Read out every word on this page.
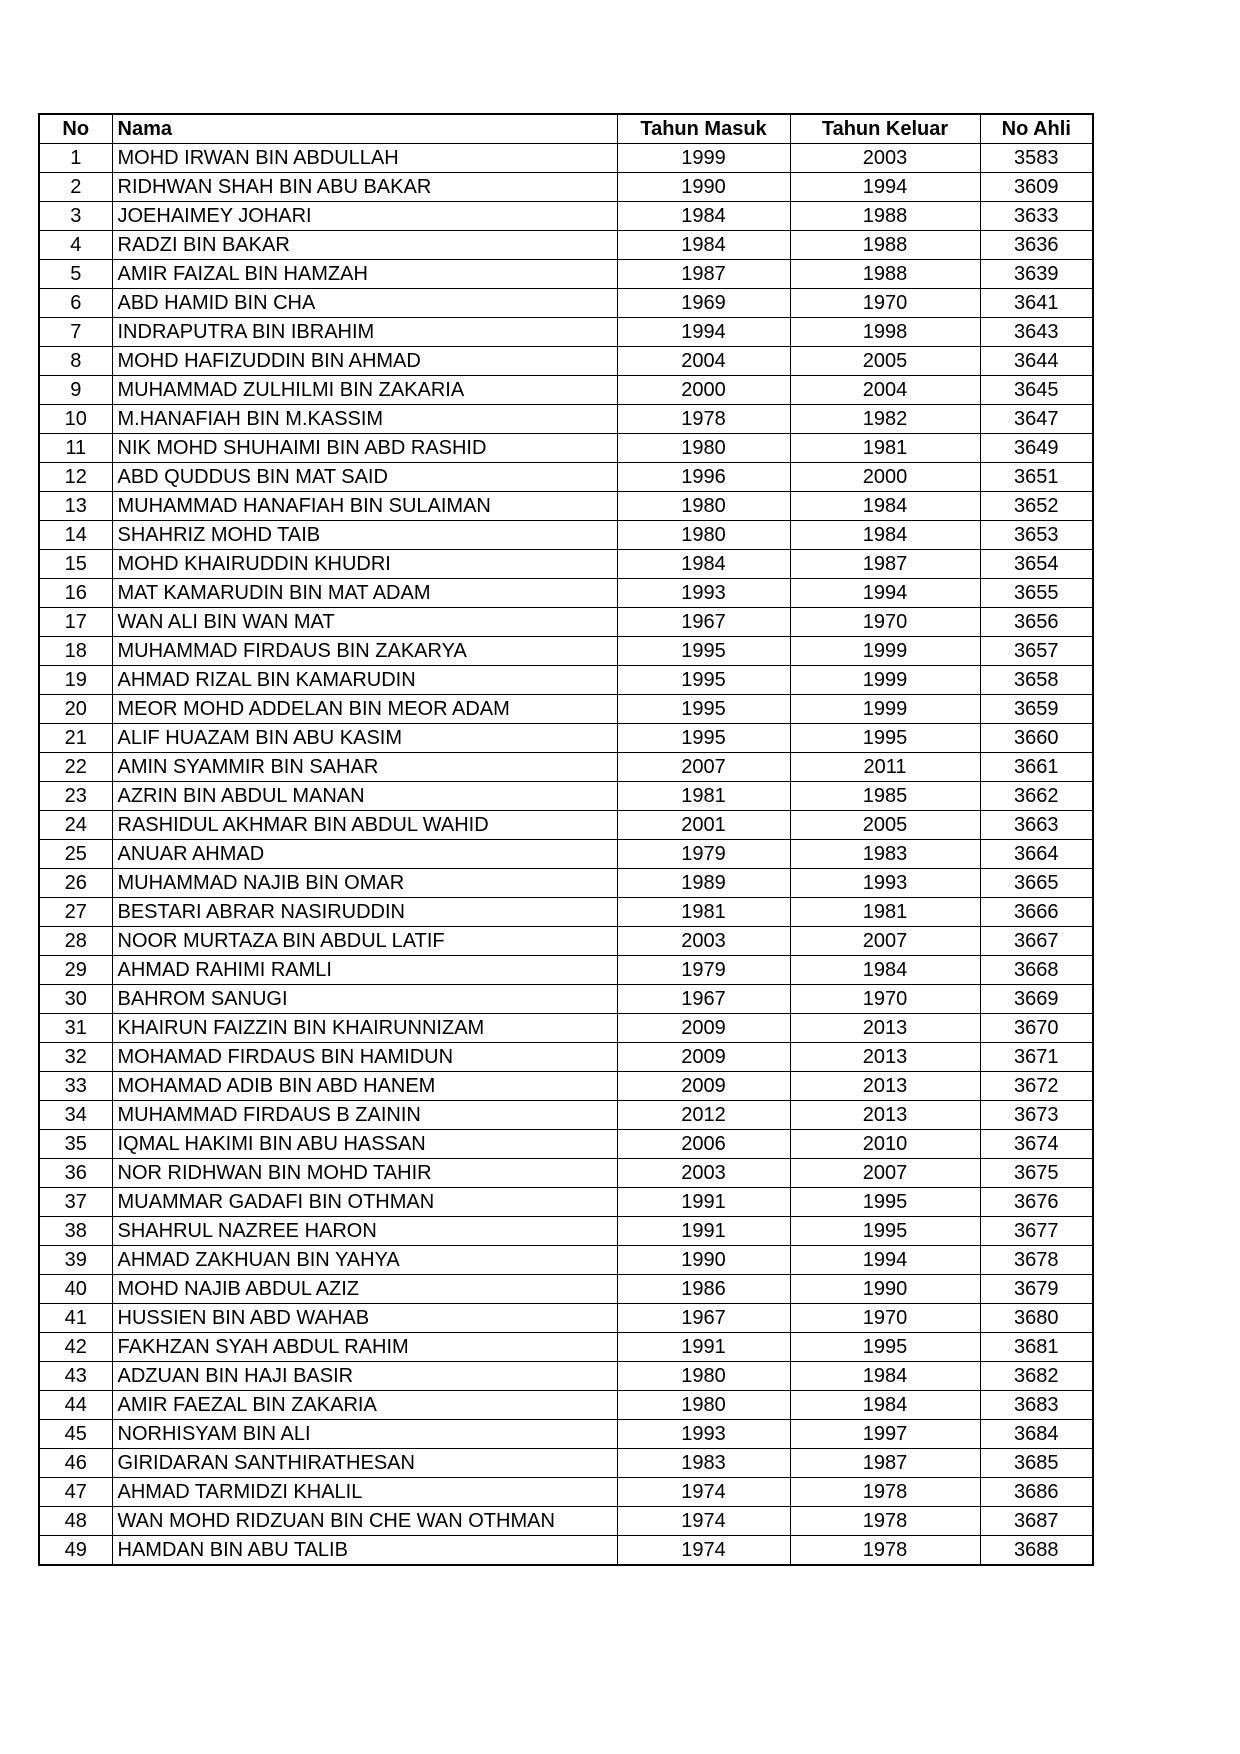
No	Nama	Tahun Masuk	Tahun Keluar	No Ahli
1	MOHD IRWAN BIN ABDULLAH	1999	2003	3583
2	RIDHWAN SHAH BIN ABU BAKAR	1990	1994	3609
3	JOEHAIMEY JOHARI	1984	1988	3633
4	RADZI BIN BAKAR	1984	1988	3636
5	AMIR FAIZAL BIN HAMZAH	1987	1988	3639
6	ABD HAMID BIN CHA	1969	1970	3641
7	INDRAPUTRA BIN IBRAHIM	1994	1998	3643
8	MOHD HAFIZUDDIN BIN AHMAD	2004	2005	3644
9	MUHAMMAD ZULHILMI BIN ZAKARIA	2000	2004	3645
10	M.HANAFIAH BIN M.KASSIM	1978	1982	3647
11	NIK MOHD SHUHAIMI BIN ABD RASHID	1980	1981	3649
12	ABD QUDDUS BIN MAT SAID	1996	2000	3651
13	MUHAMMAD HANAFIAH BIN SULAIMAN	1980	1984	3652
14	SHAHRIZ MOHD TAIB	1980	1984	3653
15	MOHD KHAIRUDDIN KHUDRI	1984	1987	3654
16	MAT KAMARUDIN BIN MAT ADAM	1993	1994	3655
17	WAN ALI BIN WAN MAT	1967	1970	3656
18	MUHAMMAD FIRDAUS BIN ZAKARYA	1995	1999	3657
19	AHMAD RIZAL BIN KAMARUDIN	1995	1999	3658
20	MEOR MOHD ADDELAN BIN MEOR ADAM	1995	1999	3659
21	ALIF HUAZAM BIN ABU KASIM	1995	1995	3660
22	AMIN SYAMMIR BIN SAHAR	2007	2011	3661
23	AZRIN BIN ABDUL MANAN	1981	1985	3662
24	RASHIDUL AKHMAR BIN ABDUL WAHID	2001	2005	3663
25	ANUAR AHMAD	1979	1983	3664
26	MUHAMMAD NAJIB BIN OMAR	1989	1993	3665
27	BESTARI ABRAR NASIRUDDIN	1981	1981	3666
28	NOOR MURTAZA BIN ABDUL LATIF	2003	2007	3667
29	AHMAD RAHIMI RAMLI	1979	1984	3668
30	BAHROM SANUGI	1967	1970	3669
31	KHAIRUN FAIZZIN BIN KHAIRUNNIZAM	2009	2013	3670
32	MOHAMAD FIRDAUS BIN HAMIDUN	2009	2013	3671
33	MOHAMAD ADIB BIN ABD HANEM	2009	2013	3672
34	MUHAMMAD FIRDAUS B ZAININ	2012	2013	3673
35	IQMAL HAKIMI BIN ABU HASSAN	2006	2010	3674
36	NOR RIDHWAN BIN MOHD TAHIR	2003	2007	3675
37	MUAMMAR GADAFI BIN OTHMAN	1991	1995	3676
38	SHAHRUL NAZREE HARON	1991	1995	3677
39	AHMAD ZAKHUAN BIN YAHYA	1990	1994	3678
40	MOHD NAJIB ABDUL AZIZ	1986	1990	3679
41	HUSSIEN BIN ABD WAHAB	1967	1970	3680
42	FAKHZAN SYAH ABDUL RAHIM	1991	1995	3681
43	ADZUAN BIN HAJI BASIR	1980	1984	3682
44	AMIR FAEZAL BIN ZAKARIA	1980	1984	3683
45	NORHISYAM BIN ALI	1993	1997	3684
46	GIRIDARAN SANTHIRATHESAN	1983	1987	3685
47	AHMAD TARMIDZI KHALIL	1974	1978	3686
48	WAN MOHD RIDZUAN BIN CHE WAN OTHMAN	1974	1978	3687
49	HAMDAN BIN ABU TALIB	1974	1978	3688
